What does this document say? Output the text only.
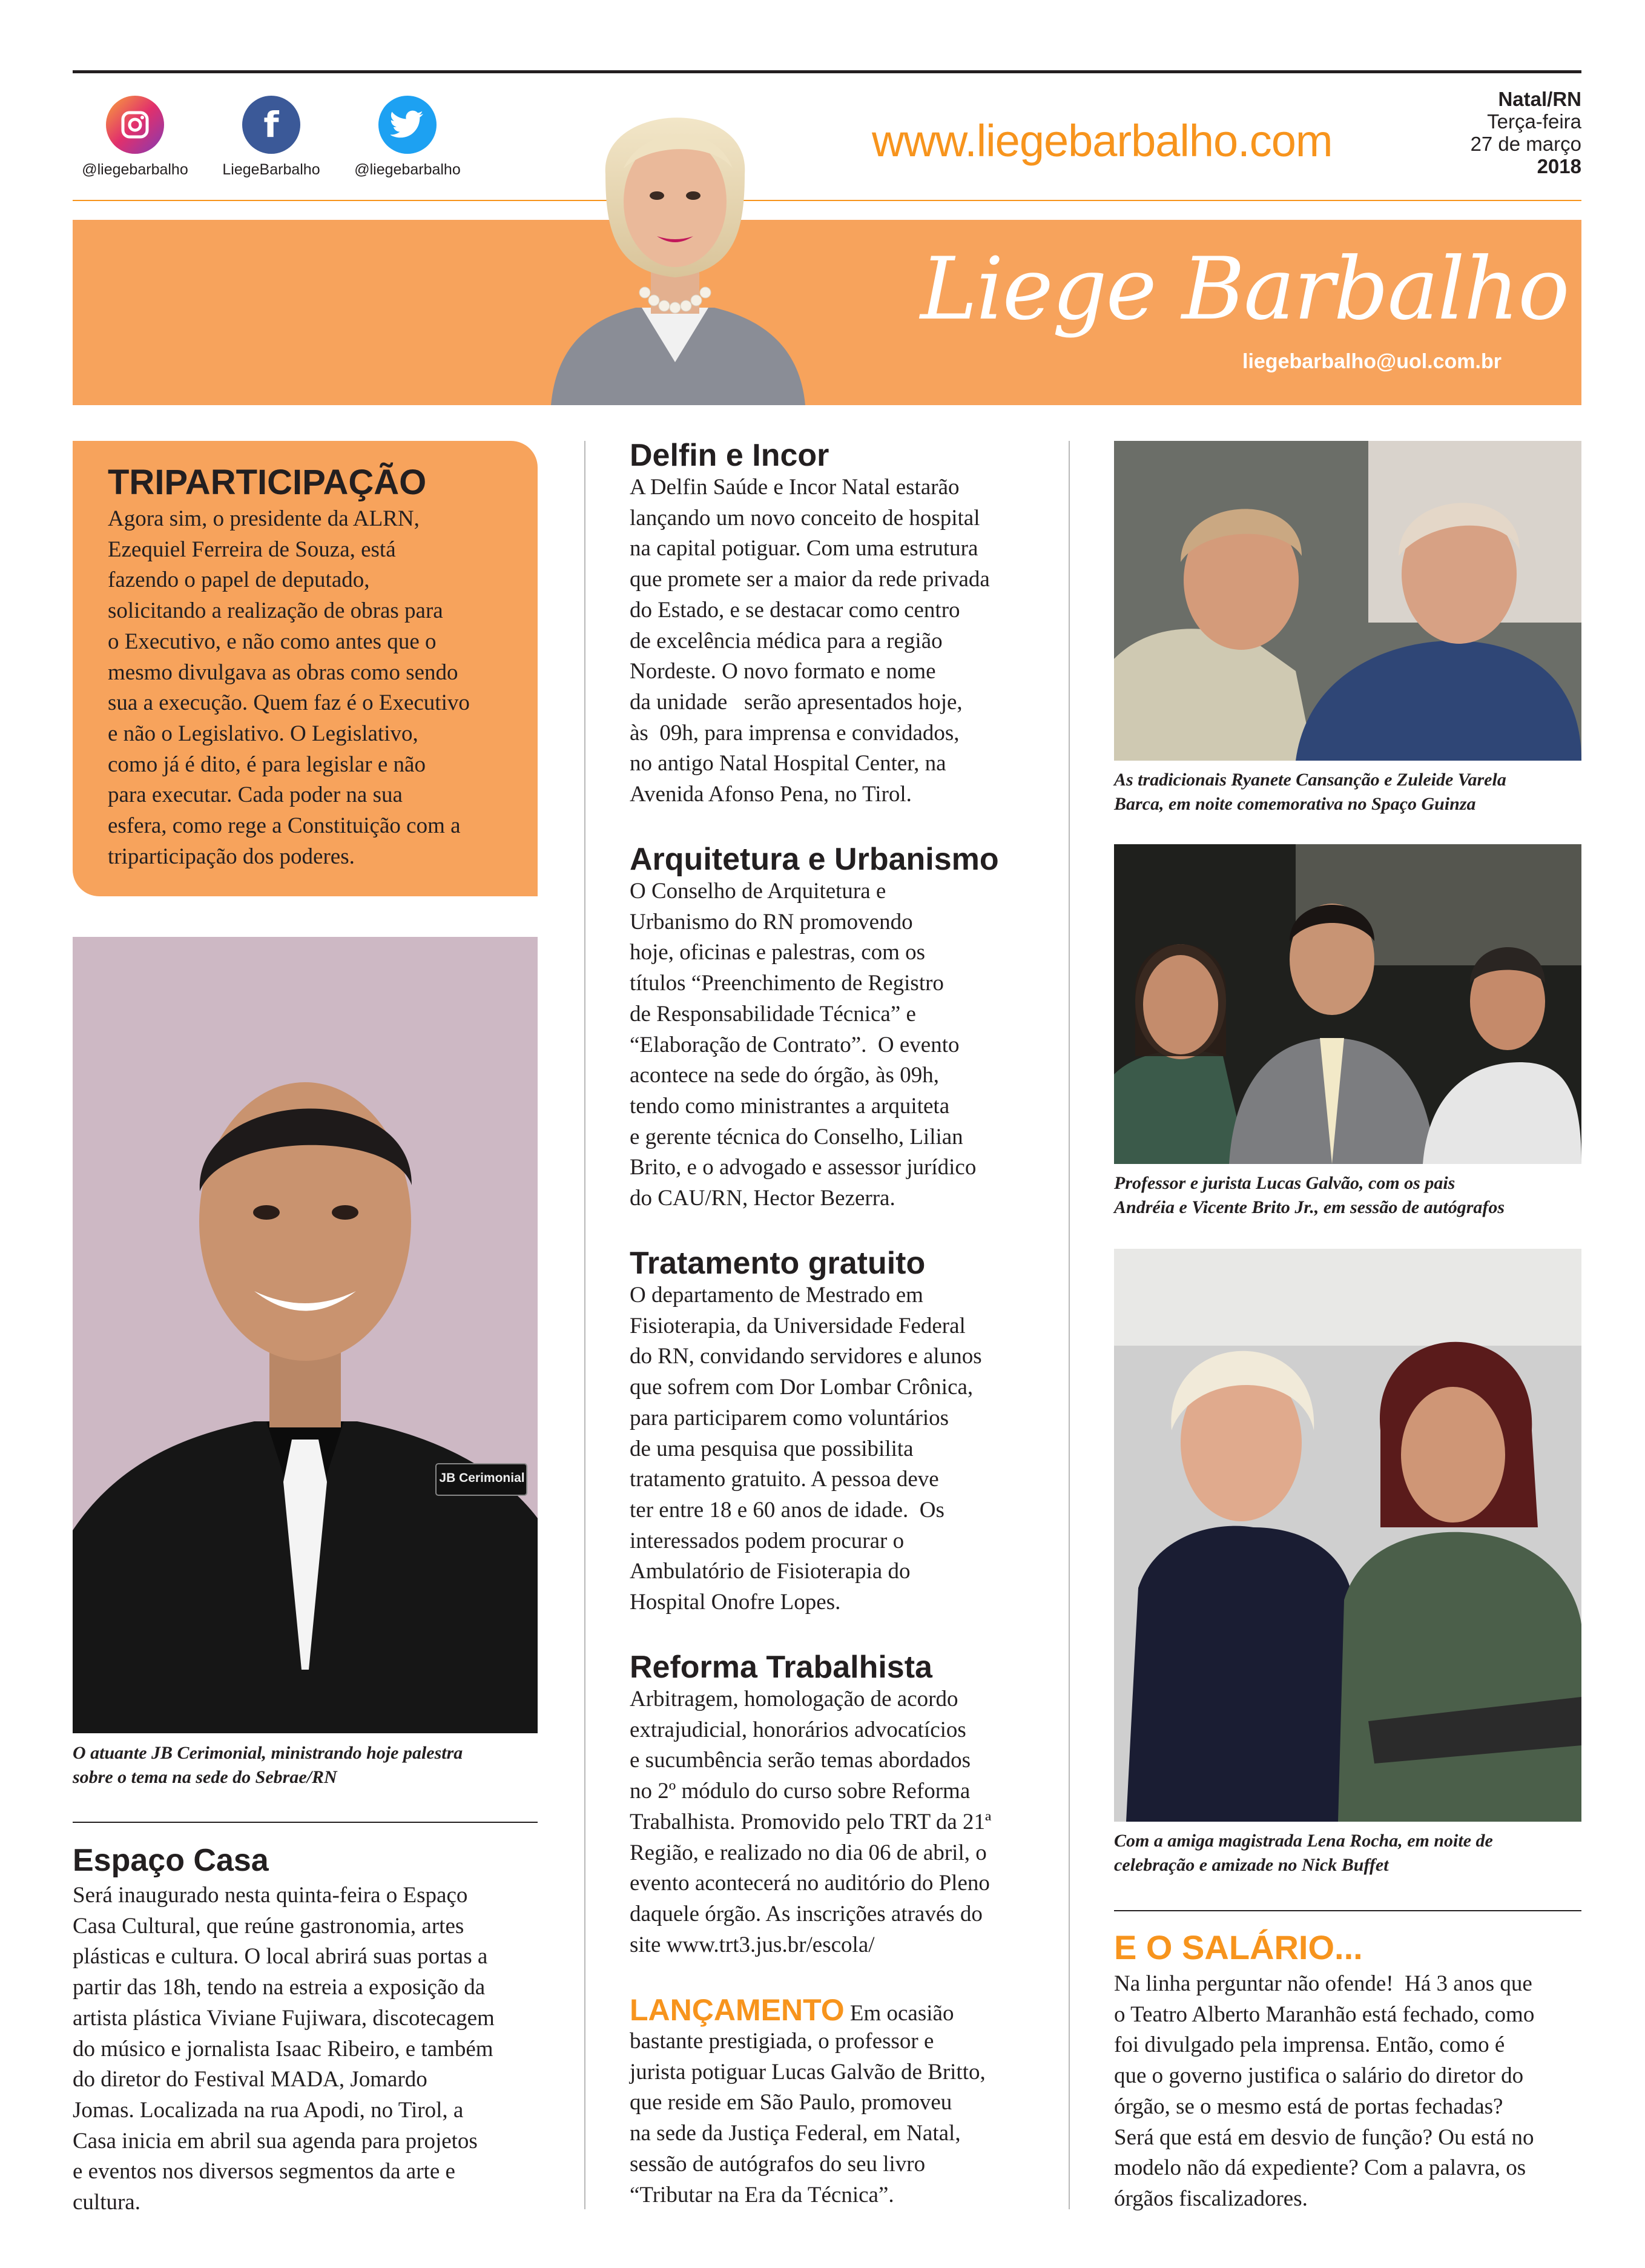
@liegebarbalho
f
LiegeBarbalho	@liegebarbalho
www.liegebarbalho.com
Natal/RN
Terça-feira
27 de março
2018
Liege Barbalho
liegebarbalho@uol.com.br
TRIPARTICIPAÇÃO
Agora sim, o presidente da ALRN,
Ezequiel Ferreira de Souza, está
fazendo o papel de deputado,
solicitando a realização de obras para
o Executivo, e não como antes que o
mesmo divulgava as obras como sendo
sua a execução. Quem faz é o Executivo
e não o Legislativo. O Legislativo,
como já é dito, é para legislar e não
para executar. Cada poder na sua
esfera, como rege a Constituição com a
triparticipação dos poderes.
JB Cerimonial
O atuante JB Cerimonial, ministrando hoje palestra
sobre o tema na sede do Sebrae/RN
Espaço Casa
Será inaugurado nesta quinta-feira o Espaço
Casa Cultural, que reúne gastronomia, artes
plásticas e cultura. O local abrirá suas portas a
partir das 18h, tendo na estreia a exposição da
artista plástica Viviane Fujiwara, discotecagem
do músico e jornalista Isaac Ribeiro, e também
do diretor do Festival MADA, Jomardo
Jomas. Localizada na rua Apodi, no Tirol, a
Casa inicia em abril sua agenda para projetos
e eventos nos diversos segmentos da arte e
cultura.
Delfin e Incor
A Delfin Saúde e Incor Natal estarão
lançando um novo conceito de hospital
na capital potiguar. Com uma estrutura
que promete ser a maior da rede privada
do Estado, e se destacar como centro
de excelência médica para a região
Nordeste. O novo formato e nome
da unidade   serão apresentados hoje,
às  09h, para imprensa e convidados,
no antigo Natal Hospital Center, na
Avenida Afonso Pena, no Tirol.
Arquitetura e Urbanismo
O Conselho de Arquitetura e
Urbanismo do RN promovendo
hoje, oficinas e palestras, com os
títulos “Preenchimento de Registro
de Responsabilidade Técnica” e
“Elaboração de Contrato”.  O evento
acontece na sede do órgão, às 09h,
tendo como ministrantes a arquiteta
e gerente técnica do Conselho, Lilian
Brito, e o advogado e assessor jurídico
do CAU/RN, Hector Bezerra.
Tratamento gratuito
O departamento de Mestrado em
Fisioterapia, da Universidade Federal
do RN, convidando servidores e alunos
que sofrem com Dor Lombar Crônica,
para participarem como voluntários
de uma pesquisa que possibilita
tratamento gratuito. A pessoa deve
ter entre 18 e 60 anos de idade.  Os
interessados podem procurar o
Ambulatório de Fisioterapia do
Hospital Onofre Lopes.
Reforma Trabalhista
Arbitragem, homologação de acordo
extrajudicial, honorários advocatícios
e sucumbência serão temas abordados
no 2º módulo do curso sobre Reforma
Trabalhista. Promovido pelo TRT da 21ª
Região, e realizado no dia 06 de abril, o
evento acontecerá no auditório do Pleno
daquele órgão. As inscrições através do
site www.trt3.jus.br/escola/
LANÇAMENTO Em ocasião
bastante prestigiada, o professor e
jurista potiguar Lucas Galvão de Britto,
que reside em São Paulo, promoveu
na sede da Justiça Federal, em Natal,
sessão de autógrafos do seu livro
“Tributar na Era da Técnica”.
As tradicionais Ryanete Cansanção e Zuleide Varela
Barca, em noite comemorativa no Spaço Guinza
Professor e jurista Lucas Galvão, com os pais
Andréia e Vicente Brito Jr., em sessão de autógrafos
Com a amiga magistrada Lena Rocha, em noite de
celebração e amizade no Nick Buffet
E O SALÁRIO...
Na linha perguntar não ofende!  Há 3 anos que
o Teatro Alberto Maranhão está fechado, como
foi divulgado pela imprensa. Então, como é
que o governo justifica o salário do diretor do
órgão, se o mesmo está de portas fechadas?
Será que está em desvio de função? Ou está no
modelo não dá expediente? Com a palavra, os
órgãos fiscalizadores.
